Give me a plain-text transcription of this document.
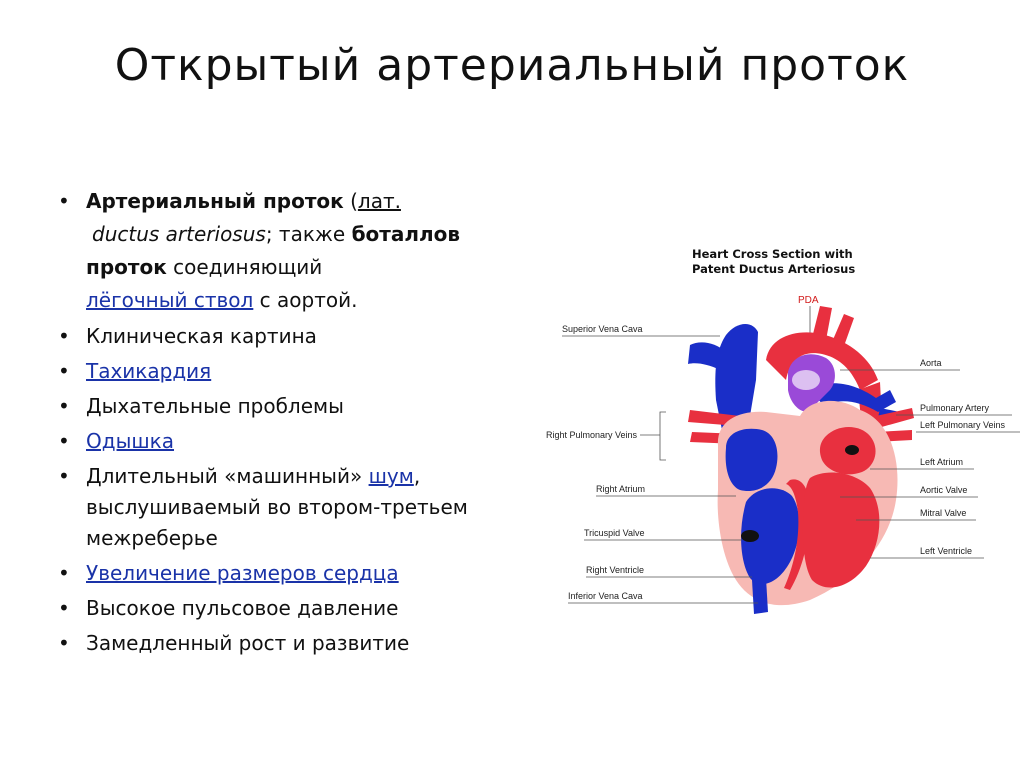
Открытый артериальный проток
• Артериальный проток (лат.
ductus arteriosus; также боталлов
проток соединяющий
лёгочный ствол с аортой.
• Клиническая картина
• Тахикардия
• Дыхательные проблемы
• Одышка
• Длительный «машинный» шум,
выслушиваемый во втором-третьем
межреберье
• Увеличение размеров сердца
• Высокое пульсовое давление
• Замедленный рост и развитие
Heart Cross Section with
Patent Ductus Arteriosus
PDA
Superior Vena Cava
Right Pulmonary Veins
Right Atrium
Tricuspid Valve
Right Ventricle
Inferior Vena Cava
Aorta
Pulmonary Artery
Left Pulmonary Veins
Left Atrium
Aortic Valve
Mitral Valve
Left Ventricle
